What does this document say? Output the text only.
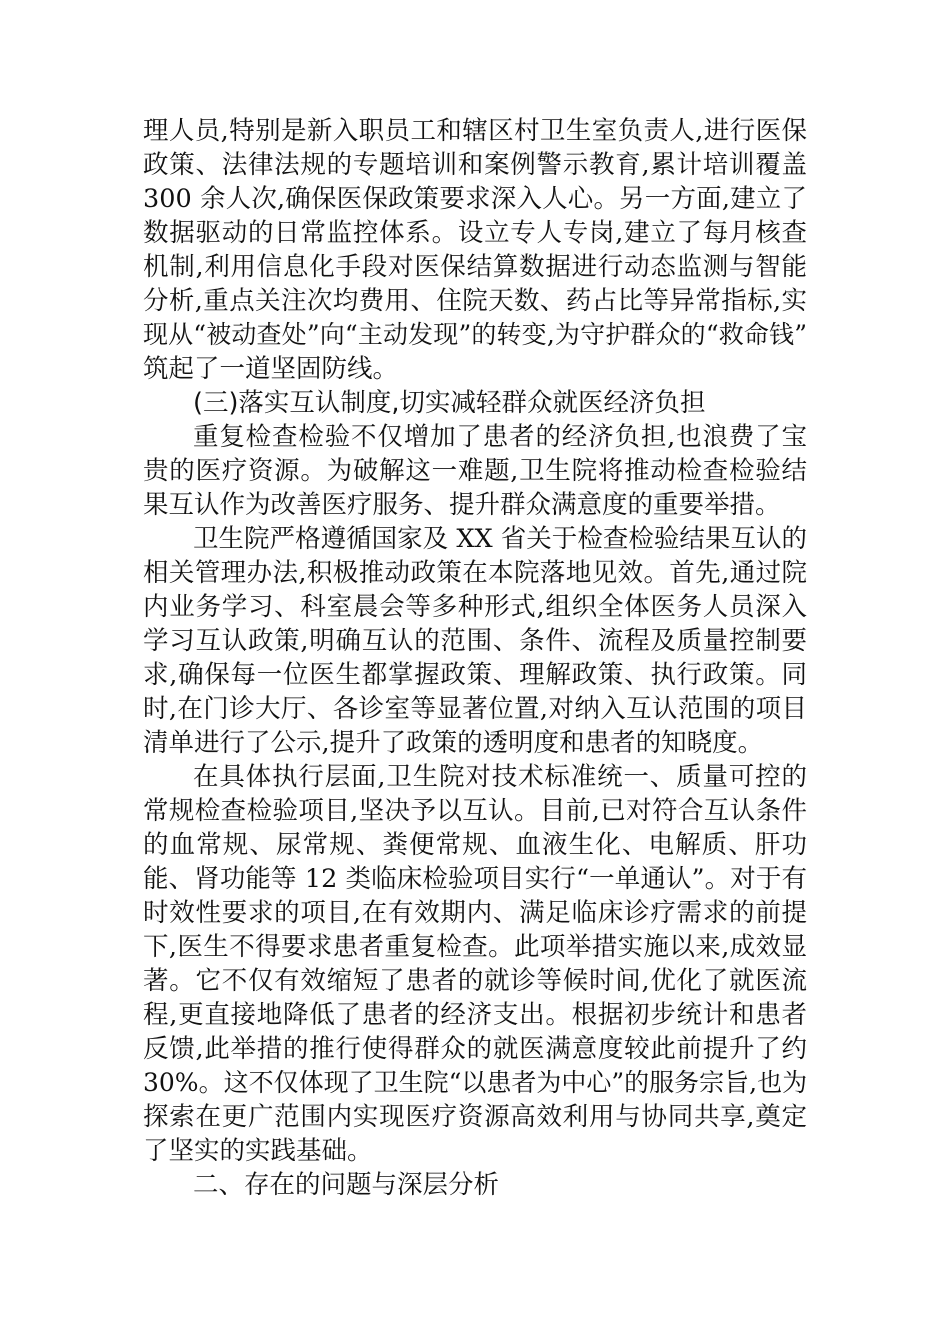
理人员,特别是新入职员工和辖区村卫生室负责人,进行医保
政策、法律法规的专题培训和案例警示教育,累计培训覆盖
300 余人次,确保医保政策要求深入人心。另一方面,建立了
数据驱动的日常监控体系。设立专人专岗,建立了每月核查
机制,利用信息化手段对医保结算数据进行动态监测与智能
分析,重点关注次均费用、住院天数、药占比等异常指标,实
现从“被动查处”向“主动发现”的转变,为守护群众的“救命钱”
筑起了一道坚固防线。
(三)落实互认制度,切实减轻群众就医经济负担
重复检查检验不仅增加了患者的经济负担,也浪费了宝
贵的医疗资源。为破解这一难题,卫生院将推动检查检验结
果互认作为改善医疗服务、提升群众满意度的重要举措。
卫生院严格遵循国家及 XX 省关于检查检验结果互认的
相关管理办法,积极推动政策在本院落地见效。首先,通过院
内业务学习、科室晨会等多种形式,组织全体医务人员深入
学习互认政策,明确互认的范围、条件、流程及质量控制要
求,确保每一位医生都掌握政策、理解政策、执行政策。同
时,在门诊大厅、各诊室等显著位置,对纳入互认范围的项目
清单进行了公示,提升了政策的透明度和患者的知晓度。
在具体执行层面,卫生院对技术标准统一、质量可控的
常规检查检验项目,坚决予以互认。目前,已对符合互认条件
的血常规、尿常规、粪便常规、血液生化、电解质、肝功
能、肾功能等 12 类临床检验项目实行“一单通认”。对于有
时效性要求的项目,在有效期内、满足临床诊疗需求的前提
下,医生不得要求患者重复检查。此项举措实施以来,成效显
著。它不仅有效缩短了患者的就诊等候时间,优化了就医流
程,更直接地降低了患者的经济支出。根据初步统计和患者
反馈,此举措的推行使得群众的就医满意度较此前提升了约
30%。这不仅体现了卫生院“以患者为中心”的服务宗旨,也为
探索在更广范围内实现医疗资源高效利用与协同共享,奠定
了坚实的实践基础。
二、存在的问题与深层分析
